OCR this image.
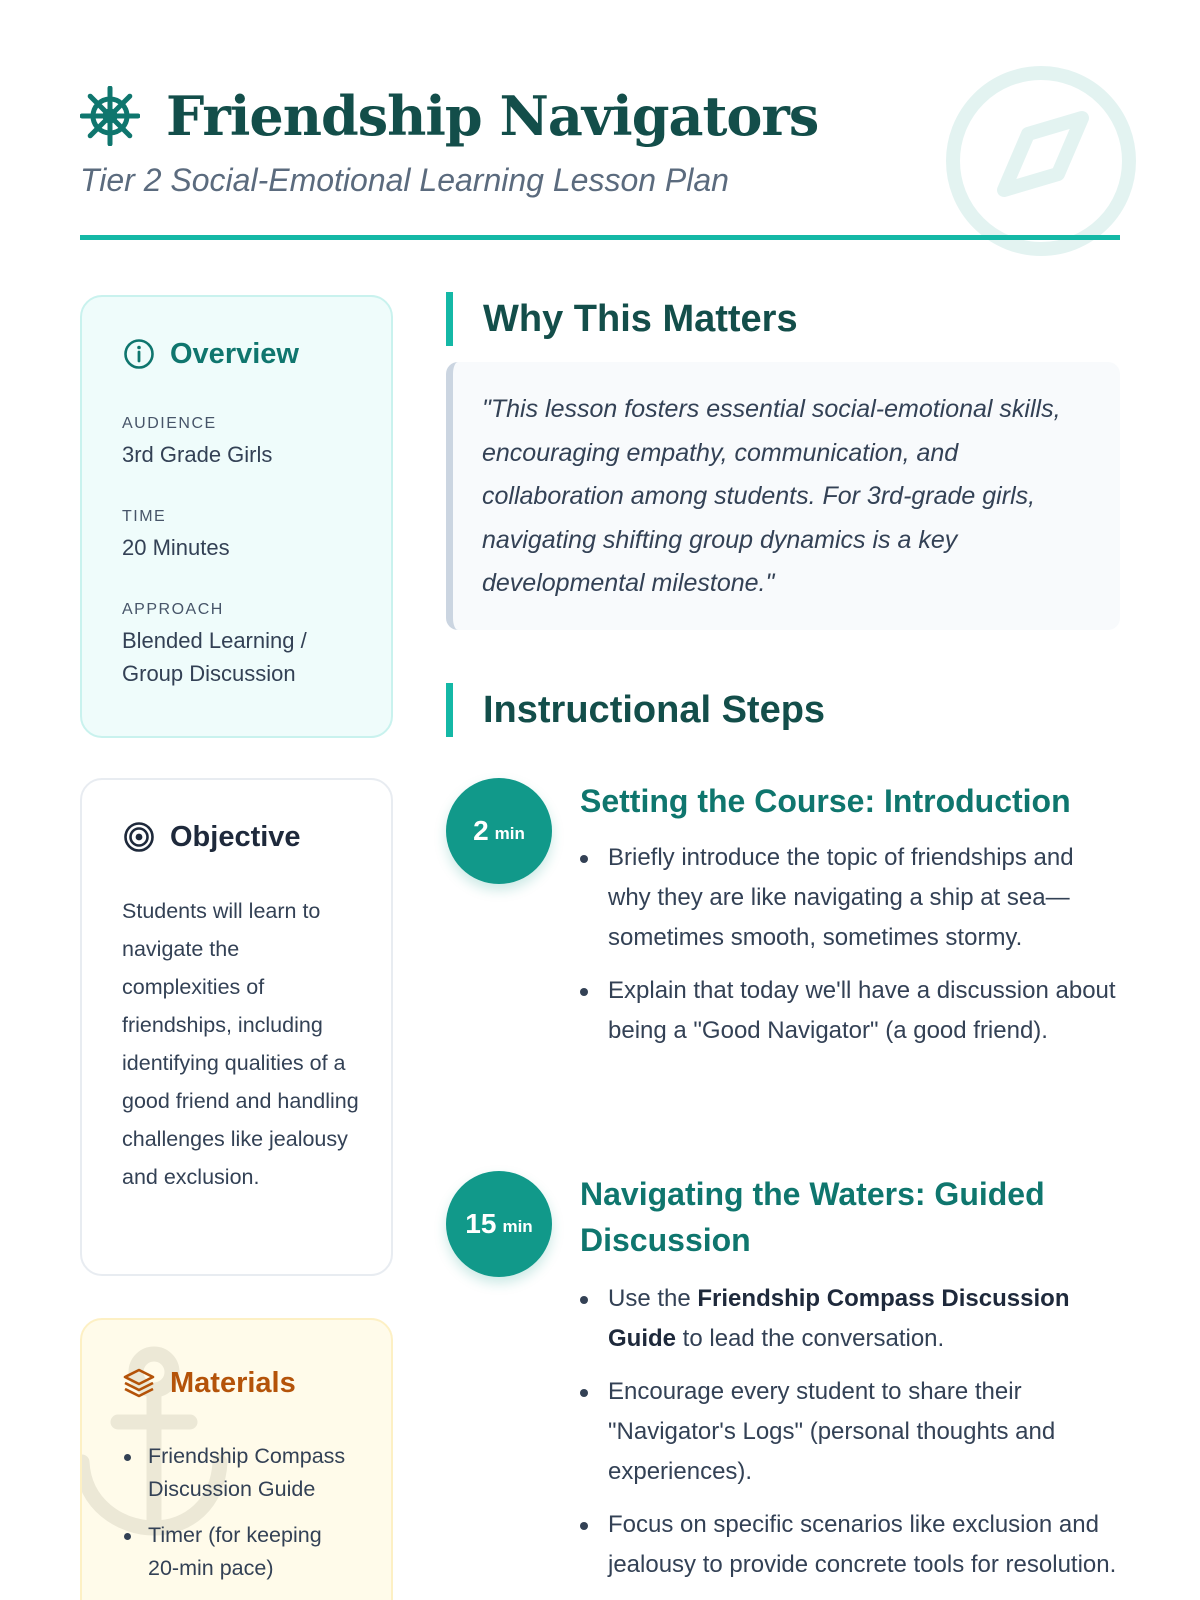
Friendship Navigators
Tier 2 Social-Emotional Learning Lesson Plan
Overview
AUDIENCE
3rd Grade Girls
TIME
20 Minutes
APPROACH
Blended Learning / Group Discussion
Objective

Students will learn to navigate the complexities of friendships, including identifying qualities of a good friend and handling challenges like jealousy and exclusion.

Materials
Friendship Compass Discussion Guide
Timer (for keeping 20-min pace)
Why This Matters

"This lesson fosters essential social-emotional skills, encouraging empathy, communication, and collaboration among students. For 3rd-grade girls, navigating shifting group dynamics is a key developmental milestone."

Instructional Steps
2 min
Setting the Course: Introduction
Briefly introduce the topic of friendships and why they are like navigating a ship at sea—sometimes smooth, sometimes stormy.
Explain that today we'll have a discussion about being a "Good Navigator" (a good friend).
15 min
Navigating the Waters: Guided Discussion
Use the Friendship Compass Discussion Guide to lead the conversation.
Encourage every student to share their "Navigator's Logs" (personal thoughts and experiences).
Focus on specific scenarios like exclusion and jealousy to provide concrete tools for resolution.
